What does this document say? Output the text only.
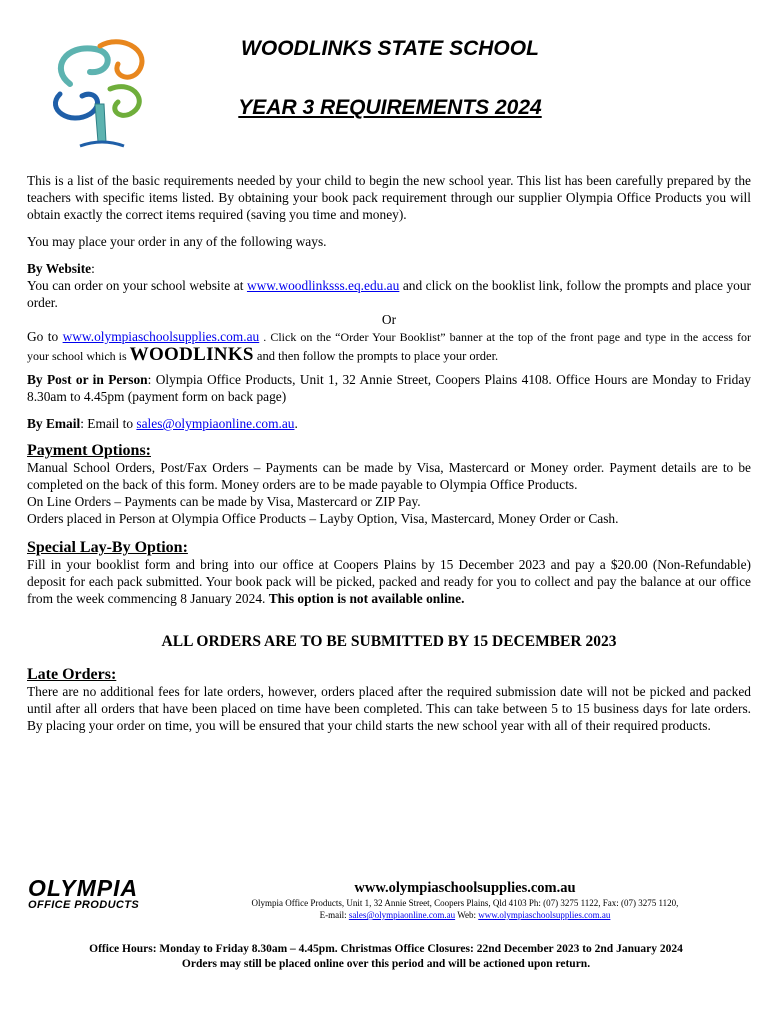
WOODLINKS STATE SCHOOL
YEAR 3 REQUIREMENTS 2024

This is a list of the basic requirements needed by your child to begin the new school year. This list has been carefully prepared by the teachers with specific items listed. By obtaining your book pack requirement through our supplier Olympia Office Products you will obtain exactly the correct items required (saving you time and money).

You may place your order in any of the following ways.

By Website:
You can order on your school website at www.woodlinksss.eq.edu.au and click on the booklist link, follow the prompts and place your order.
Or
Go to www.olympiaschoolsupplies.com.au . Click on the “Order Your Booklist” banner at the top of the front page and type in the access for your school which is WOODLINKS and then follow the prompts to place your order.

By Post or in Person: Olympia Office Products, Unit 1, 32 Annie Street, Coopers Plains 4108. Office Hours are Monday to Friday 8.30am to 4.45pm (payment form on back page)

By Email: Email to sales@olympiaonline.com.au.

Payment Options:
Manual School Orders, Post/Fax Orders – Payments can be made by Visa, Mastercard or Money order. Payment details are to be completed on the back of this form. Money orders are to be made payable to Olympia Office Products.
On Line Orders – Payments can be made by Visa, Mastercard or ZIP Pay.
Orders placed in Person at Olympia Office Products – Layby Option, Visa, Mastercard, Money Order or Cash.
Special Lay-By Option:
Fill in your booklist form and bring into our office at Coopers Plains by 15 December 2023 and pay a $20.00 (Non-Refundable) deposit for each pack submitted. Your book pack will be picked, packed and ready for you to collect and pay the balance at our office from the week commencing 8 January 2024. This option is not available online.
ALL ORDERS ARE TO BE SUBMITTED BY 15 DECEMBER 2023
Late Orders:
There are no additional fees for late orders, however, orders placed after the required submission date will not be picked and packed until after all orders that have been placed on time have been completed. This can take between 5 to 15 business days for late orders. By placing your order on time, you will be ensured that your child starts the new school year with all of their required products.
OLYMPIA
OFFICE PRODUCTS
www.olympiaschoolsupplies.com.au
Olympia Office Products, Unit 1, 32 Annie Street, Coopers Plains, Qld 4103 Ph: (07) 3275 1122, Fax: (07) 3275 1120,
E-mail: sales@olympiaonline.com.au Web: www.olympiaschoolsupplies.com.au
Office Hours: Monday to Friday 8.30am – 4.45pm. Christmas Office Closures: 22nd December 2023 to 2nd January 2024
Orders may still be placed online over this period and will be actioned upon return.
